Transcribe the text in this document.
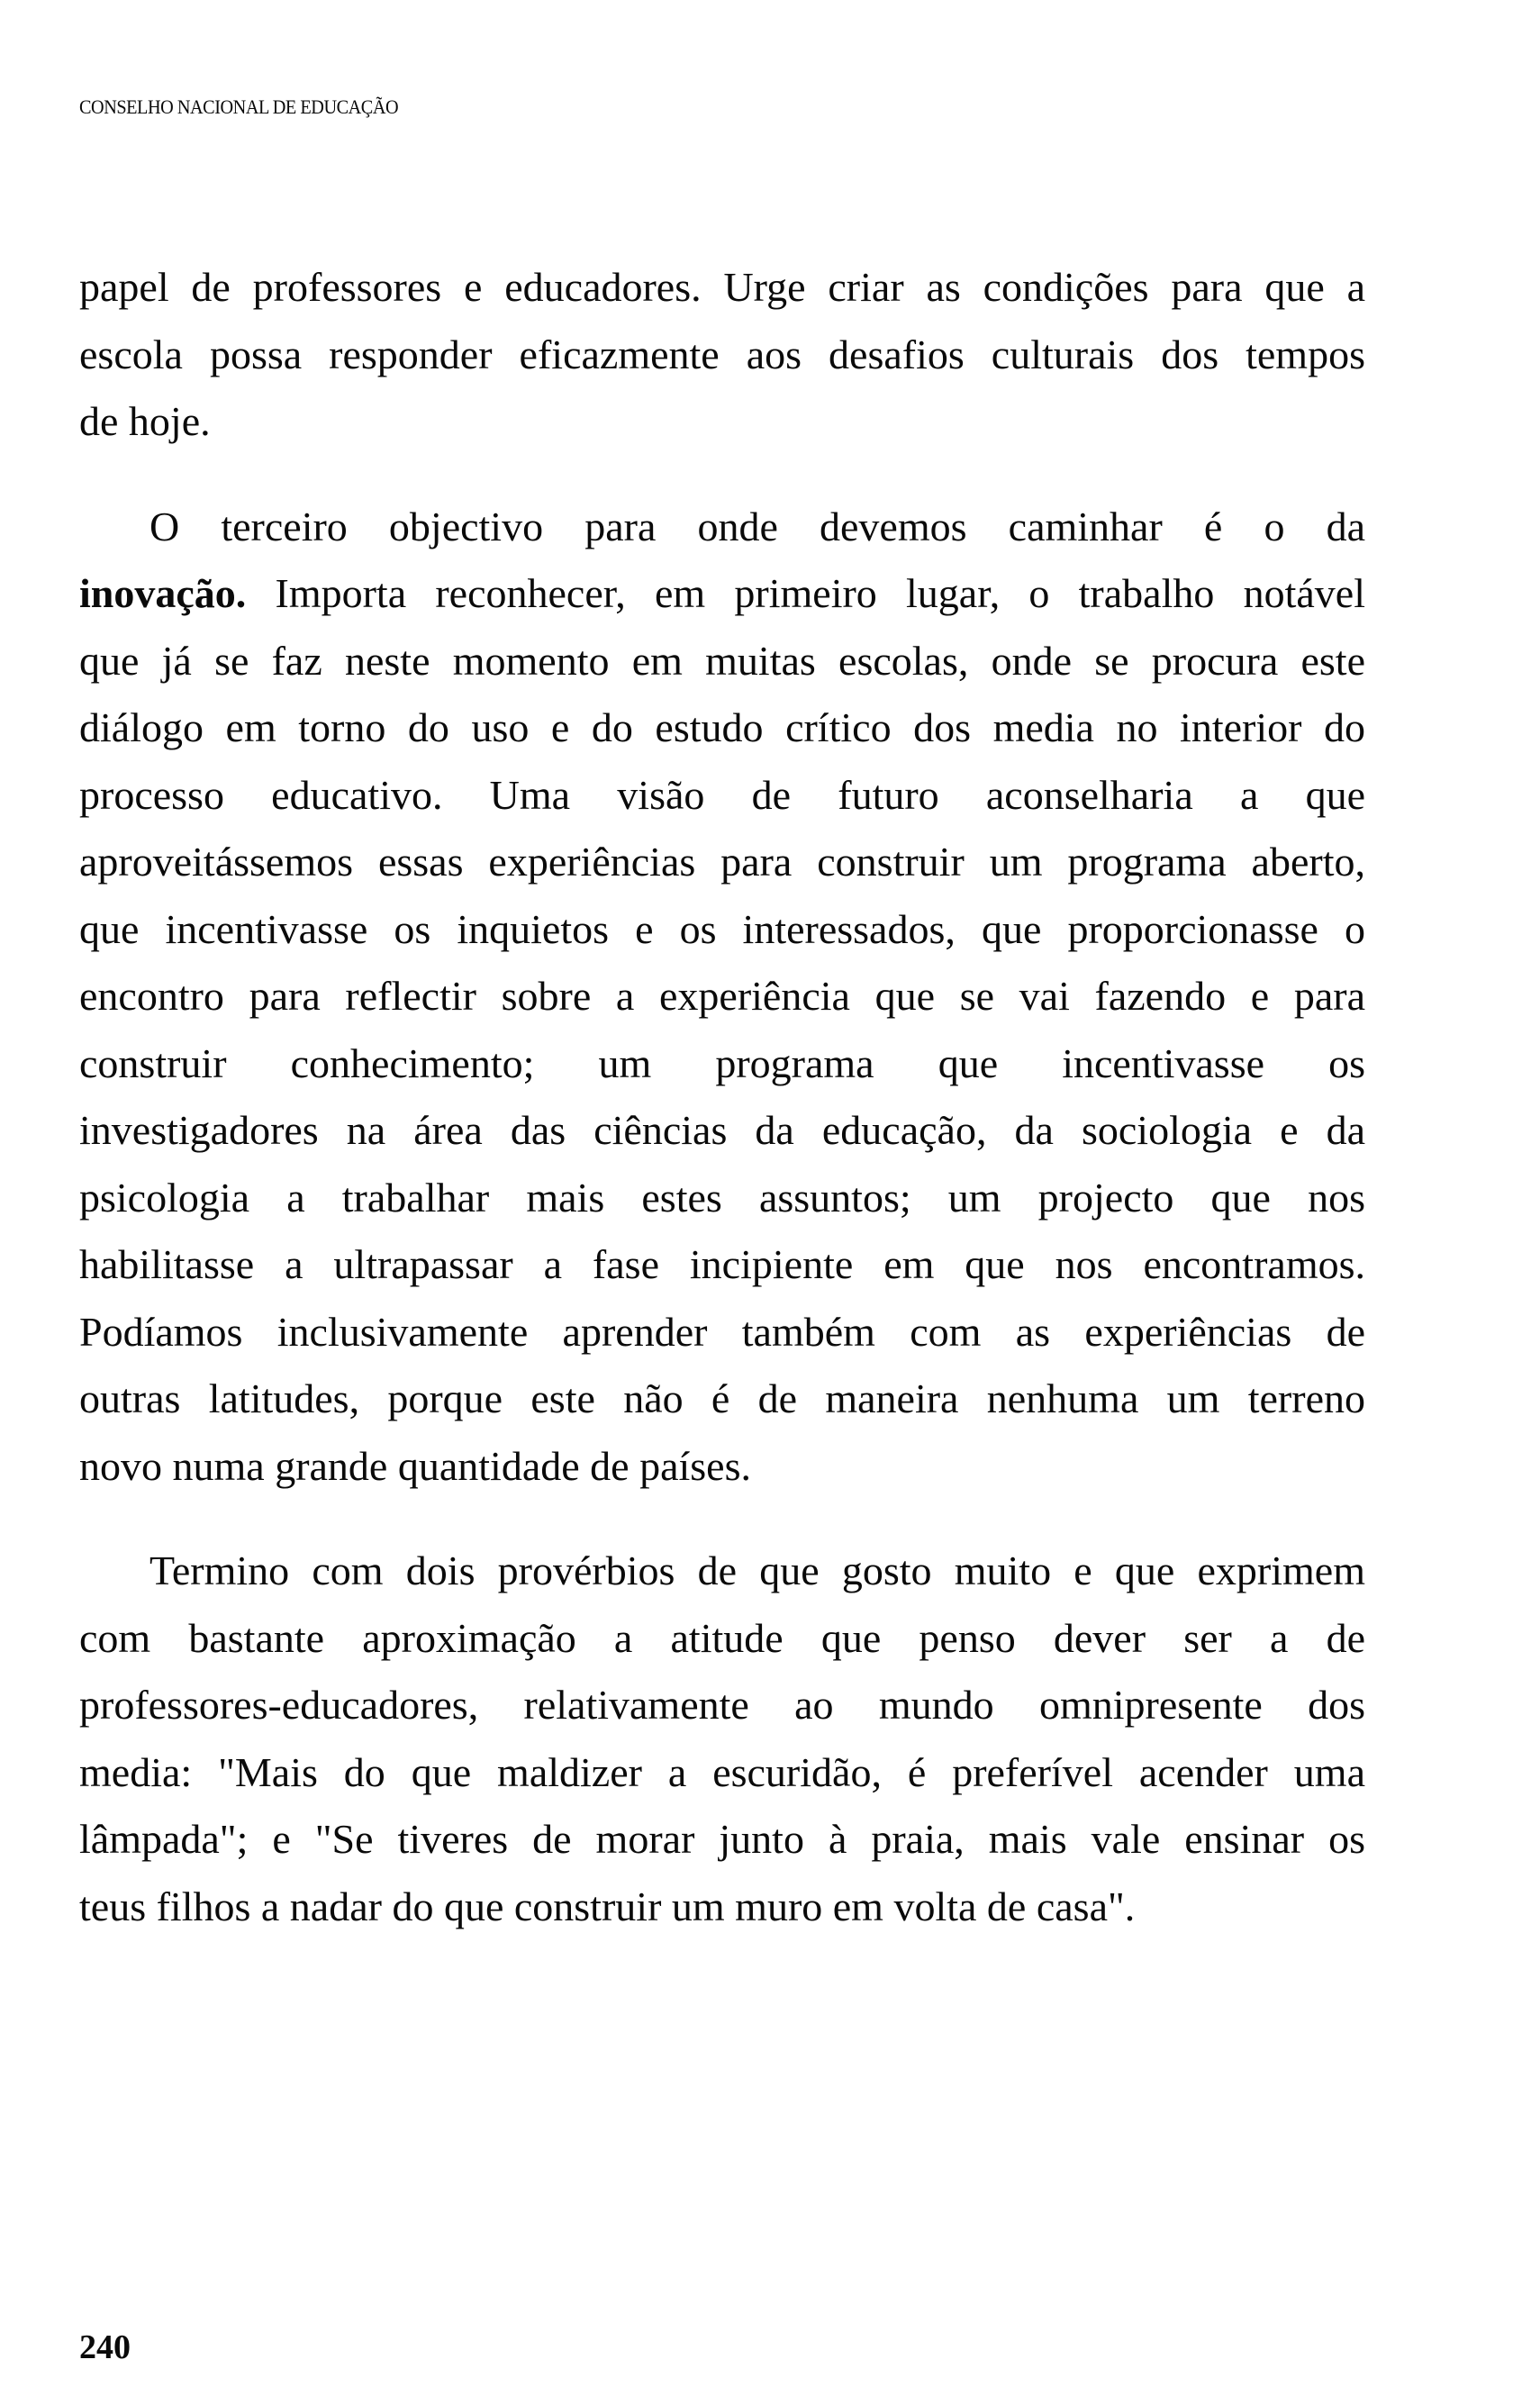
CONSELHO NACIONAL DE EDUCAÇÃO

papel de professores e educadores. Urge criar as condições para que a
escola possa responder eficazmente aos desafios culturais dos tempos
de hoje.

O terceiro objectivo para onde devemos caminhar é o da
inovação. Importa reconhecer, em primeiro lugar, o trabalho notável
que já se faz neste momento em muitas escolas, onde se procura este
diálogo em torno do uso e do estudo crítico dos media no interior do
processo educativo. Uma visão de futuro aconselharia a que
aproveitássemos essas experiências para construir um programa aberto,
que incentivasse os inquietos e os interessados, que proporcionasse o
encontro para reflectir sobre a experiência que se vai fazendo e para
construir conhecimento; um programa que incentivasse os
investigadores na área das ciências da educação, da sociologia e da
psicologia a trabalhar mais estes assuntos; um projecto que nos
habilitasse a ultrapassar a fase incipiente em que nos encontramos.
Podíamos inclusivamente aprender também com as experiências de
outras latitudes, porque este não é de maneira nenhuma um terreno
novo numa grande quantidade de países.

Termino com dois provérbios de que gosto muito e que exprimem
com bastante aproximação a atitude que penso dever ser a de
professores-educadores, relativamente ao mundo omnipresente dos
media: "Mais do que maldizer a escuridão, é preferível acender uma
lâmpada"; e "Se tiveres de morar junto à praia, mais vale ensinar os
teus filhos a nadar do que construir um muro em volta de casa".

240
